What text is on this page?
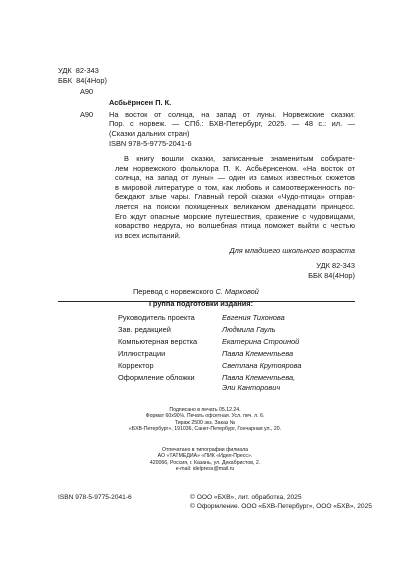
УДК 82-343
ББК 84(4Нор)
А90
Асбьёрнсен П. К.
А90 На восток от солнца, на запад от луны. Норвежские сказки:
Пор. с норвеж. — СПб.: БХВ-Петербург, 2025. — 48 с.: ил. —
(Сказки дальних стран)
ISBN 978-5-9775-2041-6
В книгу вошли сказки, записанные знаменитым собирате-
лем норвежского фольклора П. К. Асбьёрнсеном. «На восток от
солнца, на запад от луны» — один из самых известных сюжетов
в мировой литературе о том, как любовь и самоотверженность по-
беждают злые чары. Главный герой сказки «Чудо-птица» отправ-
ляется на поиски похищенных великаном двенадцати принцесс.
Его ждут опасные морские путешествия, сражение с чудовищами,
коварство недруга, но волшебная птица поможет выйти с честью
из всех испытаний.
Для младшего школьного возраста
УДК 82-343
ББК 84(4Нор)
Перевод с норвежского С. Марковой
Группа подготовки издания:
Руководитель проекта	Евгения Тихонова
Зав. редакцией	Людмила Гауль
Компьютерная верстка	Екатерина Строиной
Иллюстрации	Павла Клементьева
Корректор	Светлана Крутоярова
Оформление обложки	Павла Клементьева,
Эли Канторович
Подписано в печать 05.12.24.
Формат 60x90⅛. Печать офсетная. Усл. печ. л. 6.
Тираж 2500 экз. Заказ №
«БХВ-Петербург», 191036, Санкт-Петербург, Гончарная ул., 20.
Отпечатано в типографии филиала
АО «ТАТМЕДИА» «ПИК «Идел-Пресс».
420066, Россия, г. Казань, ул. Декабристов, 2.
e-mail: idelpress@mail.ru
ISBN 978-5-9775-2041-6	© ООО «БХВ», лит. обработка, 2025
© Оформление. ООО «БХВ-Петербург», ООО «БХВ», 2025
